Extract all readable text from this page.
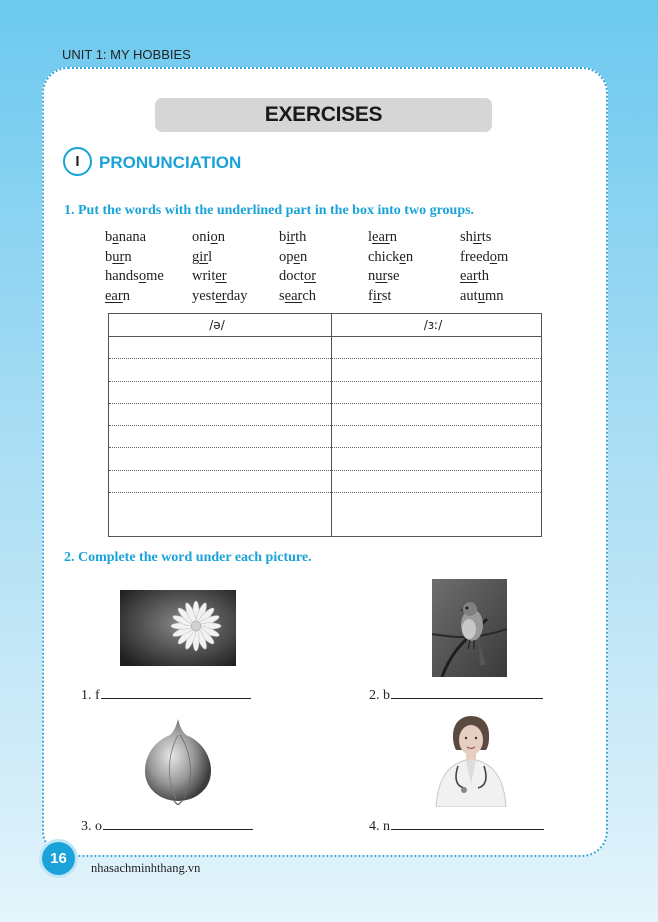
UNIT 1: MY HOBBIES
EXERCISES
I	PRONUNCIATION
1. Put the words with the underlined part in the box into two groups.
banana	onion	birth	learn	shirts
burn	girl	open	chicken	freedom
handsome	writer	doctor	nurse	earth
earn	yesterday	search	first	autumn
/ə/	/ɜː/
2. Complete the word under each picture.
1. f	2. b
3. o	4. n
16
nhasachminhthang.vn
